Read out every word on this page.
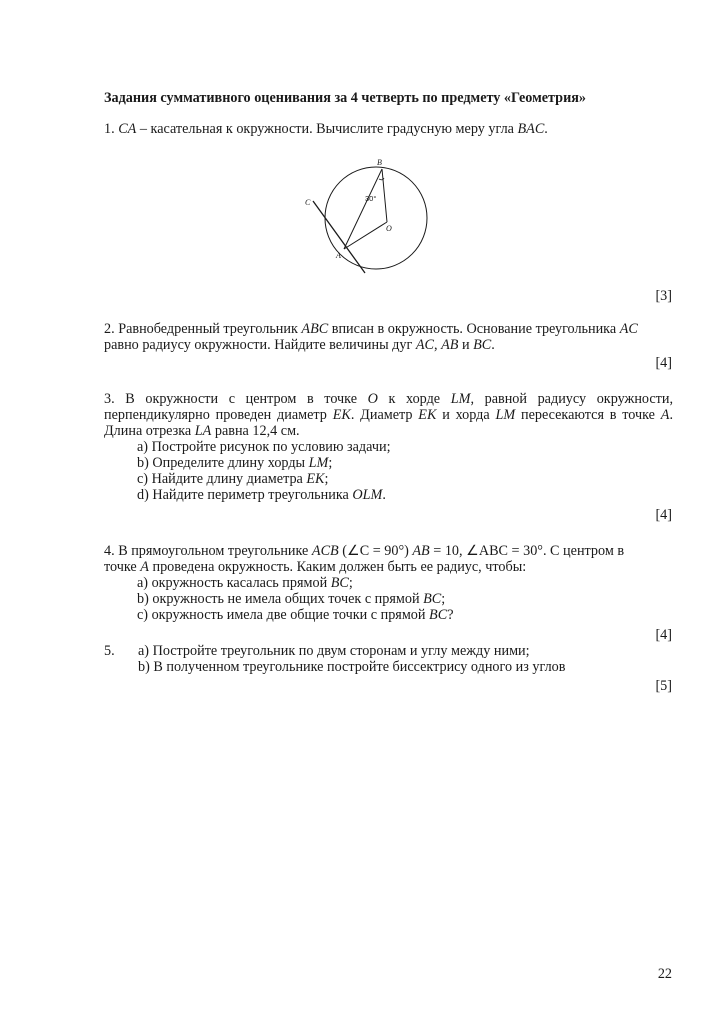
Задания суммативного оценивания за 4 четверть по предмету «Геометрия»
1. CA – касательная к окружности. Вычислите градусную меру угла BAC.
B
C
O
A
30°
[3]
2. Равнобедренный треугольник ABC вписан в окружность. Основание треугольника AC
равно радиусу окружности. Найдите величины дуг AC, AB и BC.
[4]
3. В окружности с центром в точке O к хорде LM, равной радиусу окружности,
перпендикулярно проведен диаметр EK. Диаметр EK и хорда LM пересекаются в точке A.
Длина отрезка LA равна 12,4 см.
a) Постройте рисунок по условию задачи;
b) Определите длину хорды LM;
c) Найдите длину диаметра EK;
d) Найдите периметр треугольника OLM.
[4]
4. В прямоугольном треугольнике ACB (∠C = 90°) AB = 10, ∠ABC = 30°. С центром в
точке A проведена окружность. Каким должен быть ее радиус, чтобы:
a) окружность касалась прямой BC;
b) окружность не имела общих точек с прямой BC;
c) окружность имела две общие точки с прямой BC?
[4]
5. a) Постройте треугольник по двум сторонам и углу между ними;
b) В полученном треугольнике постройте биссектрису одного из углов
[5]
22
